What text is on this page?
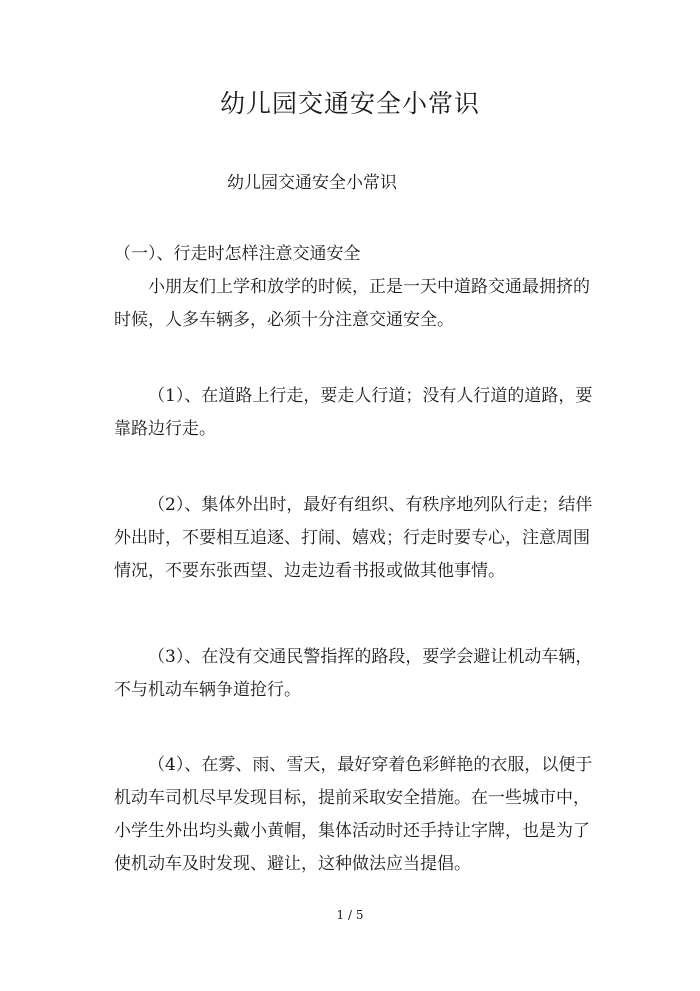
幼儿园交通安全小常识

幼儿园交通安全小常识

（一）、行走时怎样注意交通安全

小朋友们上学和放学的时候，正是一天中道路交通最拥挤的时候，人多车辆多，必须十分注意交通安全。

（1）、在道路上行走，要走人行道；没有人行道的道路，要靠路边行走。

（2）、集体外出时，最好有组织、有秩序地列队行走；结伴外出时，不要相互追逐、打闹、嬉戏；行走时要专心，注意周围情况，不要东张西望、边走边看书报或做其他事情。

（3）、在没有交通民警指挥的路段，要学会避让机动车辆，不与机动车辆争道抢行。

（4）、在雾、雨、雪天，最好穿着色彩鲜艳的衣服，以便于机动车司机尽早发现目标，提前采取安全措施。在一些城市中，小学生外出均头戴小黄帽，集体活动时还手持让字牌，也是为了使机动车及时发现、避让，这种做法应当提倡。

1 / 5
